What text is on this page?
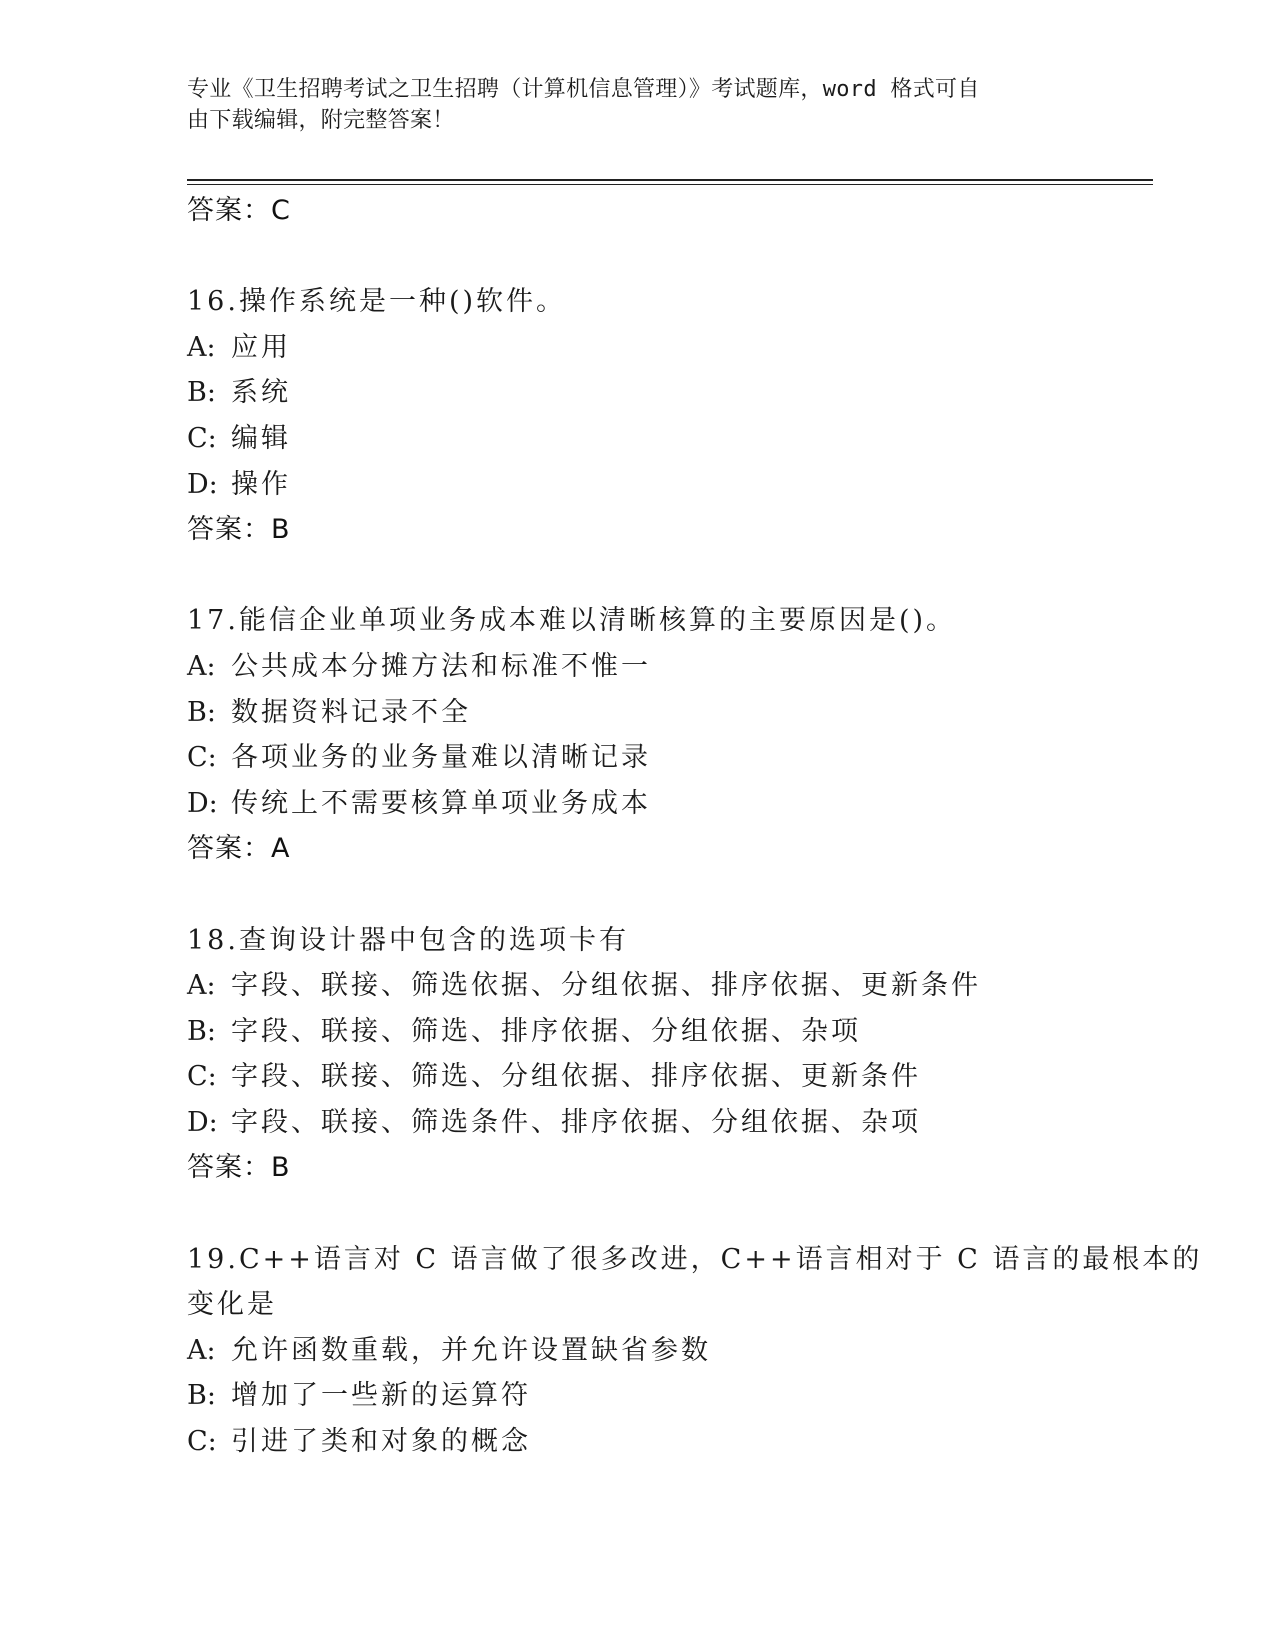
专业《卫生招聘考试之卫生招聘（计算机信息管理）》考试题库，word 格式可自
由下载编辑，附完整答案！
答案：C
16.操作系统是一种()软件。
A: 应用
B: 系统
C: 编辑
D: 操作
答案：B
17.能信企业单项业务成本难以清晰核算的主要原因是()。
A: 公共成本分摊方法和标准不惟一
B: 数据资料记录不全
C: 各项业务的业务量难以清晰记录
D: 传统上不需要核算单项业务成本
答案：A
18.查询设计器中包含的选项卡有
A: 字段、联接、筛选依据、分组依据、排序依据、更新条件
B: 字段、联接、筛选、排序依据、分组依据、杂项
C: 字段、联接、筛选、分组依据、排序依据、更新条件
D: 字段、联接、筛选条件、排序依据、分组依据、杂项
答案：B
19.C++语言对 C 语言做了很多改进，C++语言相对于 C 语言的最根本的
变化是
A: 允许函数重载，并允许设置缺省参数
B: 增加了一些新的运算符
C: 引进了类和对象的概念
